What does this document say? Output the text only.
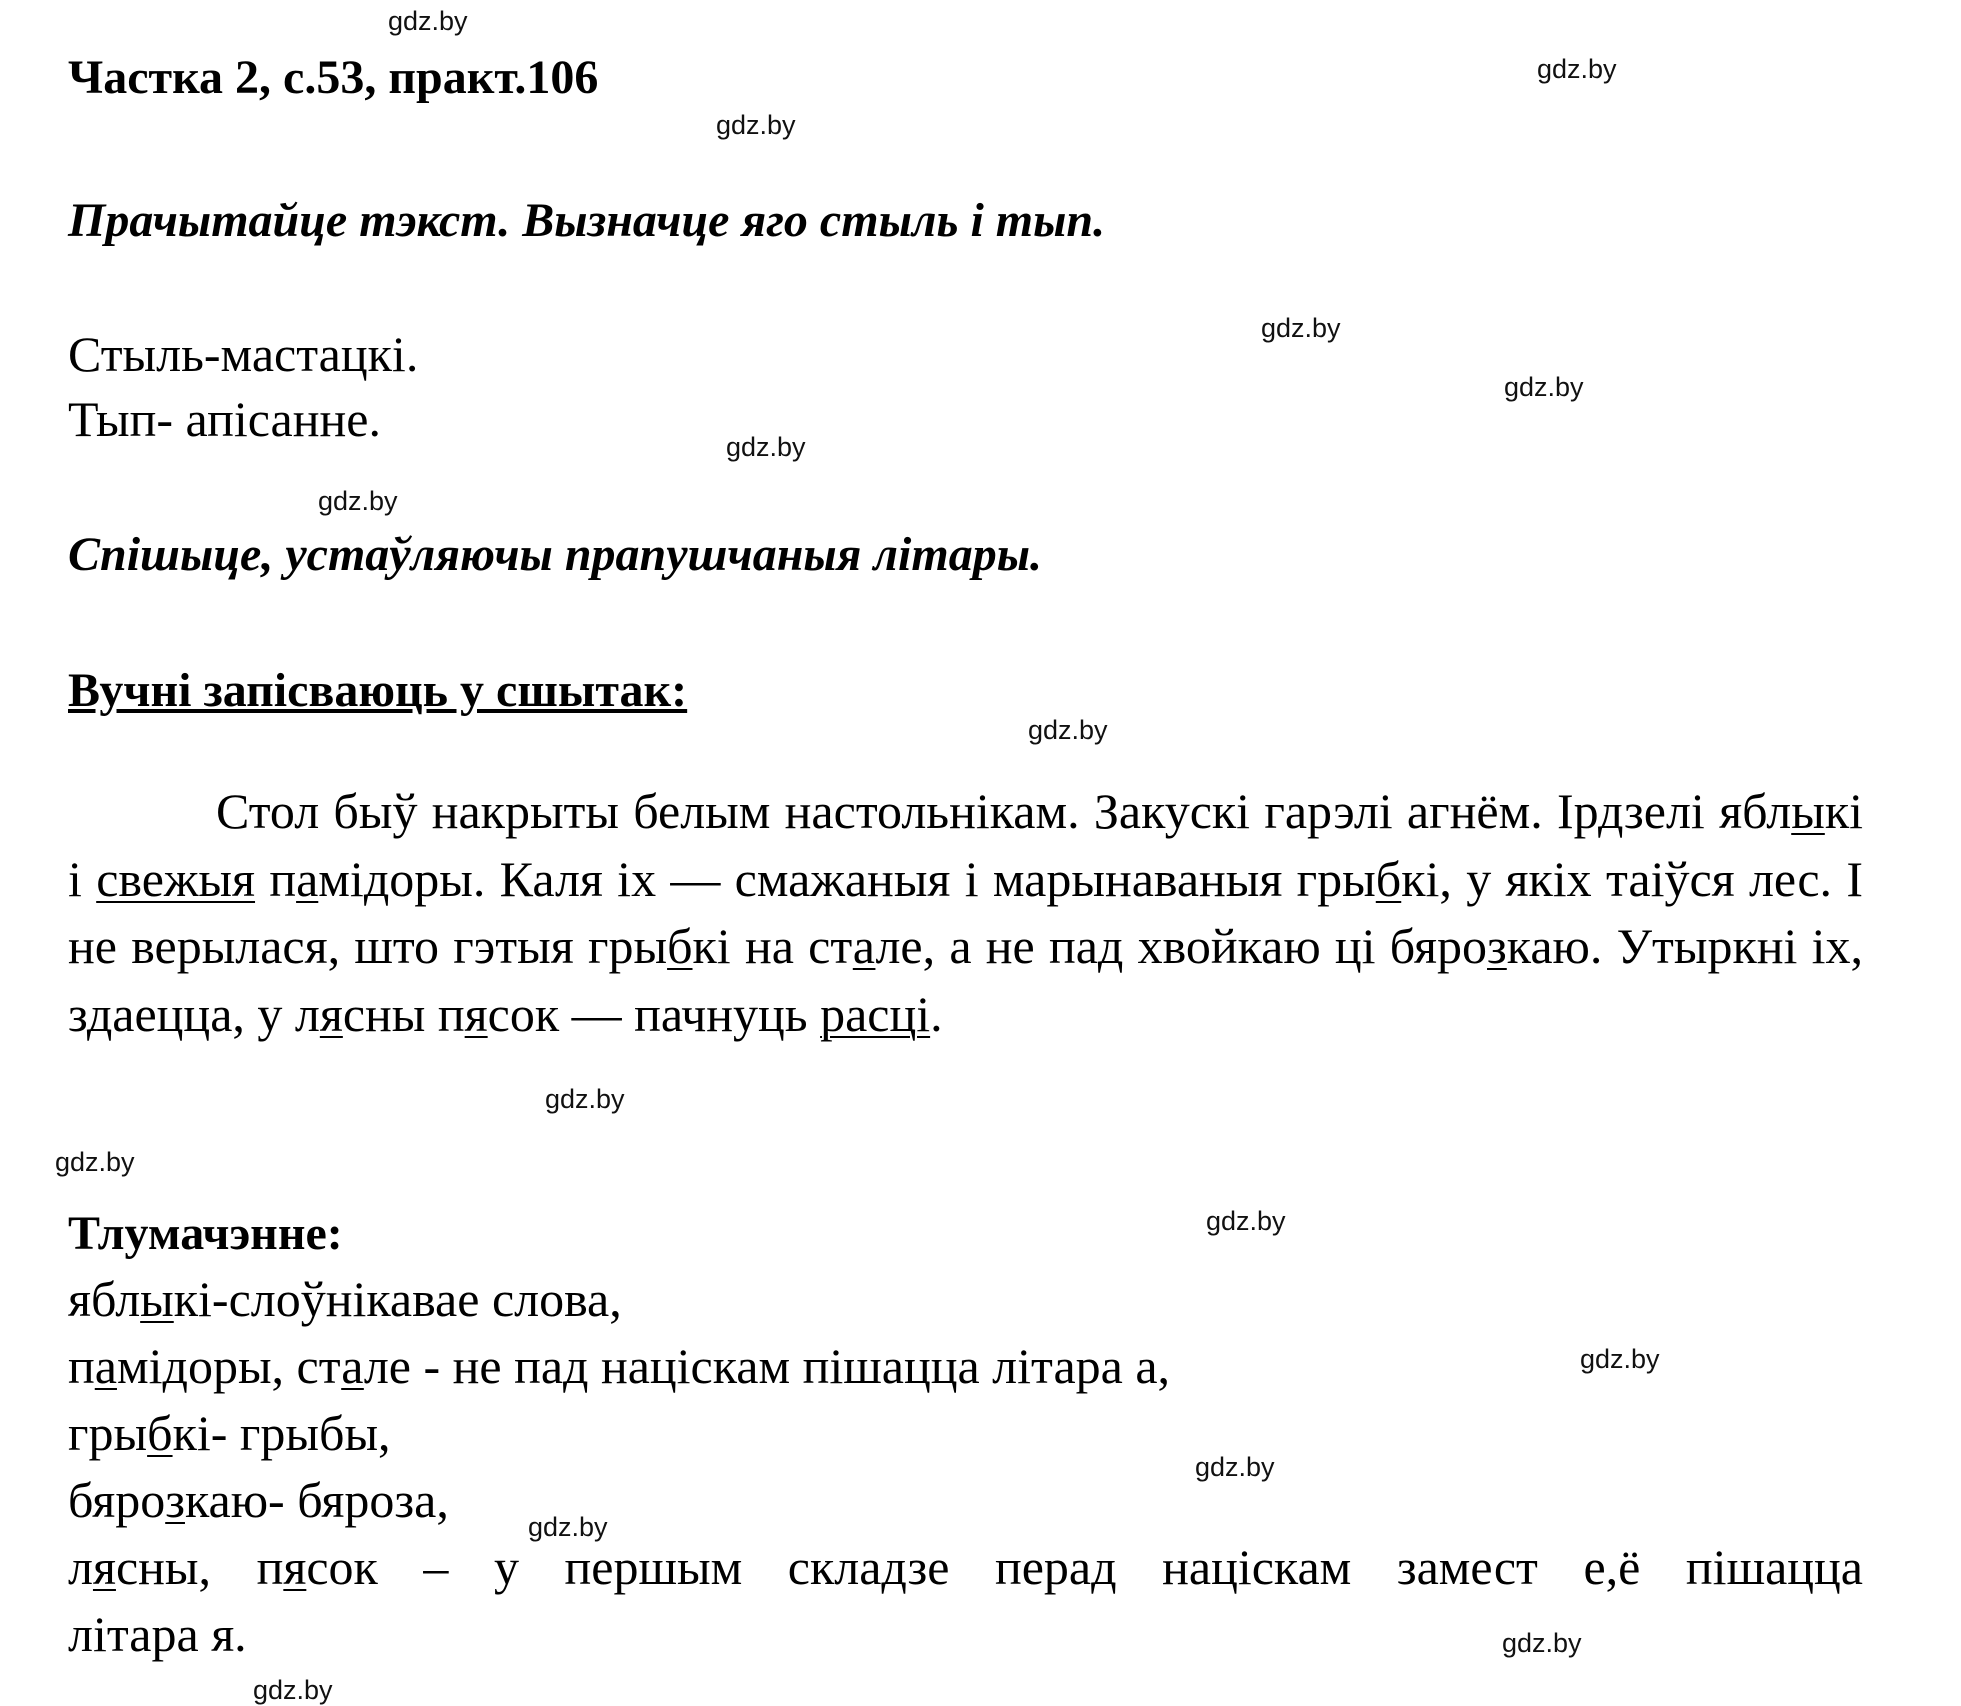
Частка 2, с.53, практ.106

Прачытайце тэкст. Вызначце яго стыль і тып.

Стыль-мастацкі.

Тып- апісанне.

Спішыце, устаўляючы прапушчаныя літары.

Вучні запісваюць у сшытак:

Стол быў накрыты белым настольнікам. Закускі гарэлі агнём. Ірдзелі яблыкі і свежыя памідоры. Каля іх — смажаныя і марынаваныя грыбкі, у якіх таіўся лес. І не верылася, што гэтыя грыбкі на стале, а не пад хвойкаю ці бярозкаю. Утыркні іх, здаецца, у лясны пясок — пачнуць расці.

Тлумачэнне:

яблыкі-слоўнікавае слова,

памідоры, стале - не пад націскам пішацца літара а,

грыбкі- грыбы,

бярозкаю- бяроза,

лясны, пясок – у першым складзе перад націскам замест е,ё пішацца

літара я.

gdz.by
gdz.by
gdz.by
gdz.by
gdz.by
gdz.by
gdz.by
gdz.by
gdz.by
gdz.by
gdz.by
gdz.by
gdz.by
gdz.by
gdz.by
gdz.by
